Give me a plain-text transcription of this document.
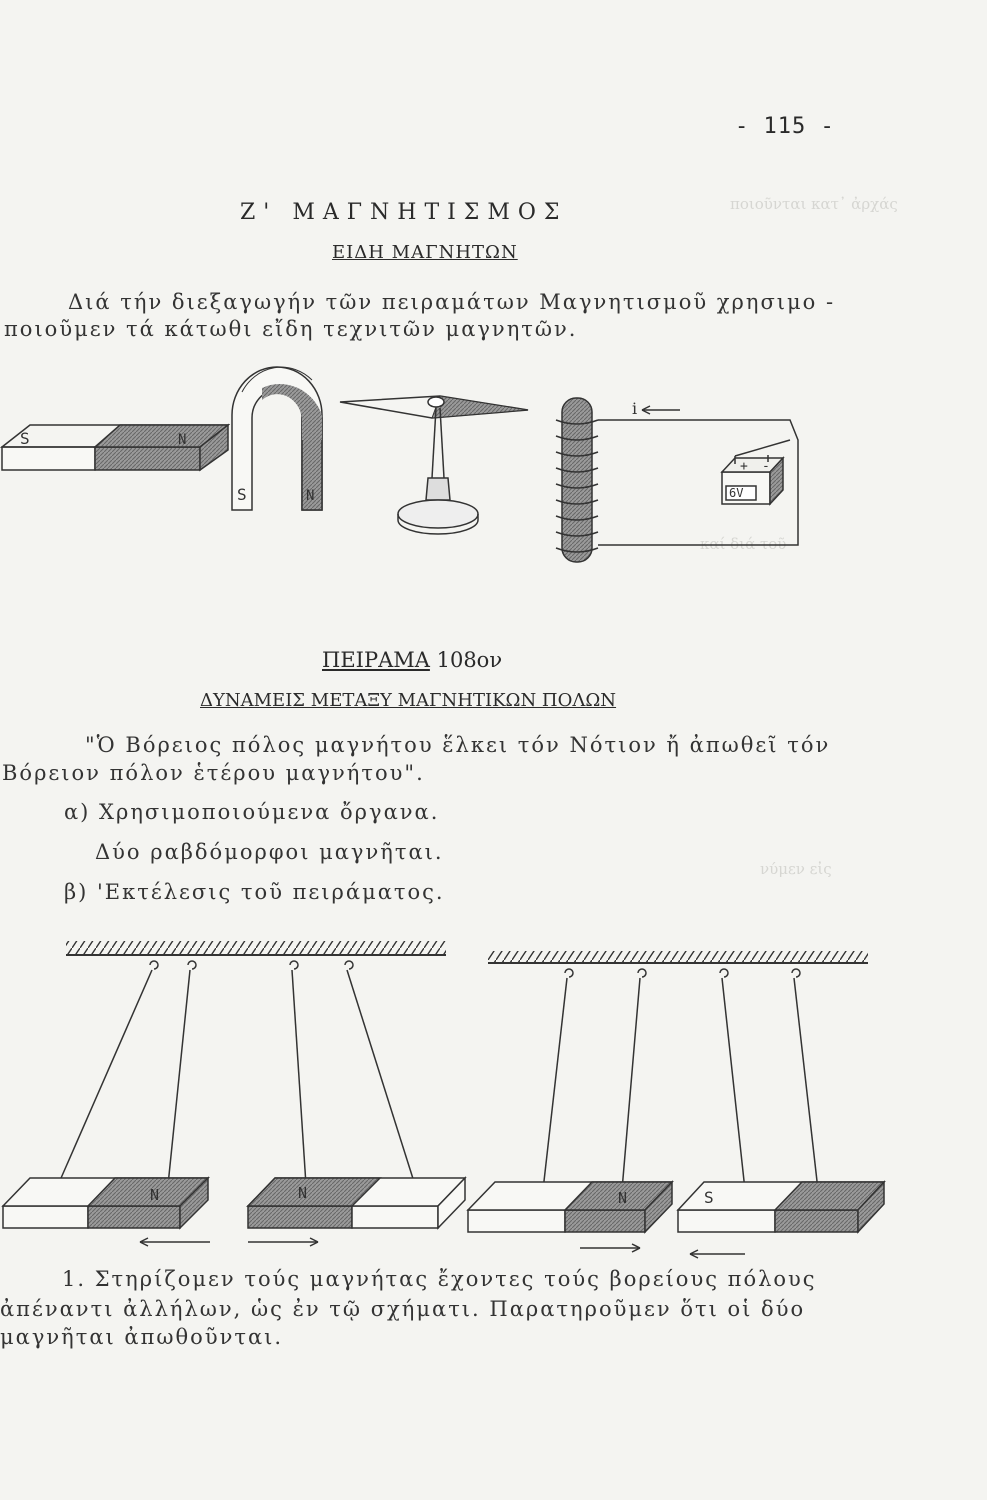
ποιοῦνται κατ᾽ ἀρχάς
καί διά τοῦ
νύμεν εἰς
- 115 -
Ζ' ΜΑΓΝΗΤΙΣΜΟΣ
ΕΙΔΗ ΜΑΓΝΗΤΩΝ
Διά τήν διεξαγωγήν τῶν πειραμάτων Μαγνητισμοῦ χρησιμο -
ποιοῦμεν τά κάτωθι εἴδη τεχνιτῶν μαγνητῶν.
S	N
S	N
i
+ -
6V
N	N	N	S
ΠΕΙΡΑΜΑ 108ον
ΔΥΝΑΜΕΙΣ ΜΕΤΑΞΥ ΜΑΓΝΗΤΙΚΩΝ ΠΟΛΩΝ
"Ὁ Βόρειος πόλος μαγνήτου ἕλκει τόν Νότιον ἤ ἀπωθεῖ τόν
Βόρειον πόλον ἑτέρου μαγνήτου".
α) Χρησιμοποιούμενα ὄργανα.
Δύο ραβδόμορφοι μαγνῆται.
β) 'Εκτέλεσις τοῦ πειράματος.
1. Στηρίζομεν τούς μαγνήτας ἔχοντες τούς βορείους πόλους
ἀπέναντι ἀλλήλων, ὡς ἐν τῷ σχήματι. Παρατηροῦμεν ὅτι οἱ δύο
μαγνῆται ἀπωθοῦνται.
